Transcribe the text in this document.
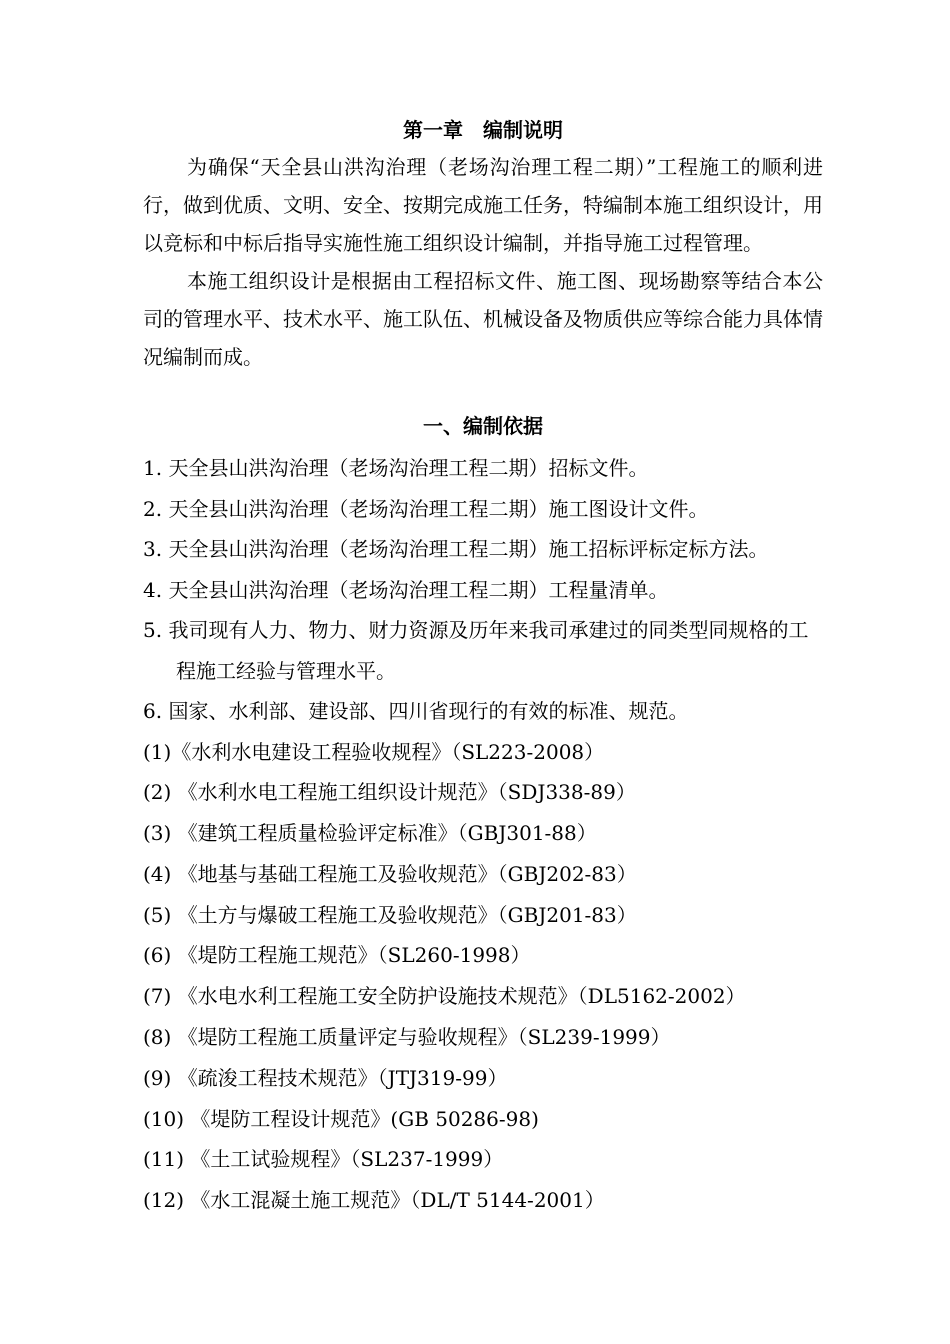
第一章　编制说明

为确保“天全县山洪沟治理（老场沟治理工程二期）”工程施工的顺利进行，做到优质、文明、安全、按期完成施工任务，特编制本施工组织设计，用以竞标和中标后指导实施性施工组织设计编制，并指导施工过程管理。

本施工组织设计是根据由工程招标文件、施工图、现场勘察等结合本公司的管理水平、技术水平、施工队伍、机械设备及物质供应等综合能力具体情况编制而成。

一、编制依据
1. 天全县山洪沟治理（老场沟治理工程二期）招标文件。
2. 天全县山洪沟治理（老场沟治理工程二期）施工图设计文件。
3. 天全县山洪沟治理（老场沟治理工程二期）施工招标评标定标方法。
4. 天全县山洪沟治理（老场沟治理工程二期）工程量清单。
5. 我司现有人力、物力、财力资源及历年来我司承建过的同类型同规格的工程施工经验与管理水平。
6. 国家、水利部、建设部、四川省现行的有效的标准、规范。
(1)《水利水电建设工程验收规程》（SL223-2008）
(2) 《水利水电工程施工组织设计规范》（SDJ338-89）
(3) 《建筑工程质量检验评定标准》（GBJ301-88）
(4) 《地基与基础工程施工及验收规范》（GBJ202-83）
(5) 《土方与爆破工程施工及验收规范》（GBJ201-83）
(6) 《堤防工程施工规范》（SL260-1998）
(7) 《水电水利工程施工安全防护设施技术规范》（DL5162-2002）
(8) 《堤防工程施工质量评定与验收规程》（SL239-1999）
(9) 《疏浚工程技术规范》（JTJ319-99）
(10) 《堤防工程设计规范》(GB 50286-98)
(11) 《土工试验规程》（SL237-1999）
(12) 《水工混凝土施工规范》（DL/T 5144-2001）
